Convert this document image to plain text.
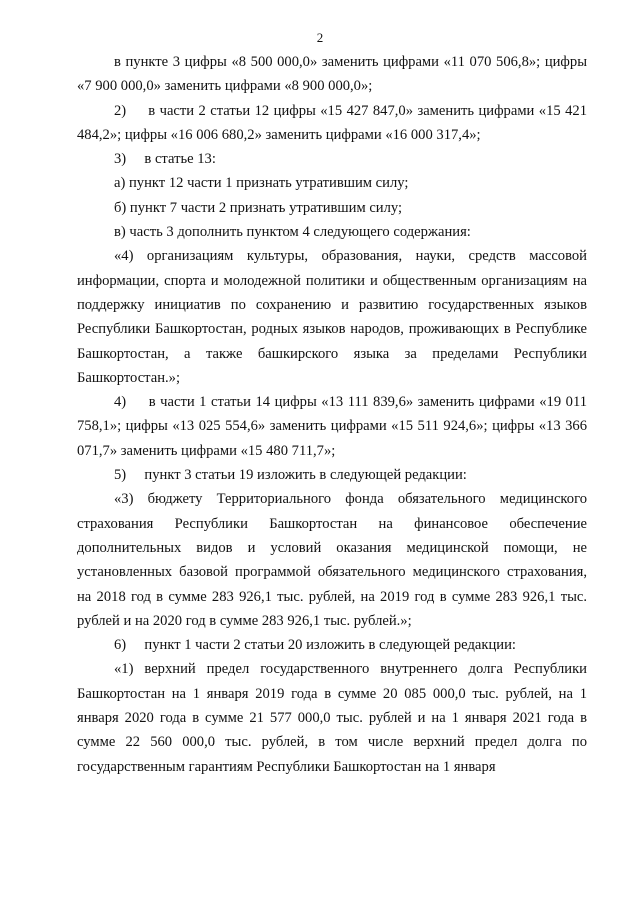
2

в пункте 3 цифры «8 500 000,0» заменить цифрами «11 070 506,8»; цифры «7 900 000,0» заменить цифрами «8 900 000,0»;

2)     в части 2 статьи 12 цифры «15 427 847,0» заменить цифрами «15 421 484,2»; цифры «16 006 680,2» заменить цифрами «16 000 317,4»;

3)     в статье 13:

а) пункт 12 части 1 признать утратившим силу;

б) пункт 7 части 2 признать утратившим силу;

в) часть 3 дополнить пунктом 4 следующего содержания:

«4) организациям культуры, образования, науки, средств массовой информации, спорта и молодежной политики и общественным организациям на поддержку инициатив по сохранению и развитию государственных языков Республики Башкортостан, родных языков народов, проживающих в Республике Башкортостан, а также башкирского языка за пределами Республики Башкортостан.»;

4)     в части 1 статьи 14 цифры «13 111 839,6» заменить цифрами «19 011 758,1»; цифры «13 025 554,6» заменить цифрами «15 511 924,6»; цифры «13 366 071,7» заменить цифрами «15 480 711,7»;

5)     пункт 3 статьи 19 изложить в следующей редакции:

«3) бюджету Территориального фонда обязательного медицинского страхования Республики Башкортостан на финансовое обеспечение дополнительных видов и условий оказания медицинской помощи, не установленных базовой программой обязательного медицинского страхования, на 2018 год в сумме 283 926,1 тыс. рублей, на 2019 год в сумме 283 926,1 тыс. рублей и на 2020 год в сумме 283 926,1 тыс. рублей.»;

6)     пункт 1 части 2 статьи 20 изложить в следующей редакции:

«1) верхний предел государственного внутреннего долга Республики Башкортостан на 1 января 2019 года в сумме 20 085 000,0 тыс. рублей, на 1 января 2020 года в сумме 21 577 000,0 тыс. рублей и на 1 января 2021 года в сумме 22 560 000,0 тыс. рублей, в том числе верхний предел долга по государственным гарантиям Республики Башкортостан на 1 января
